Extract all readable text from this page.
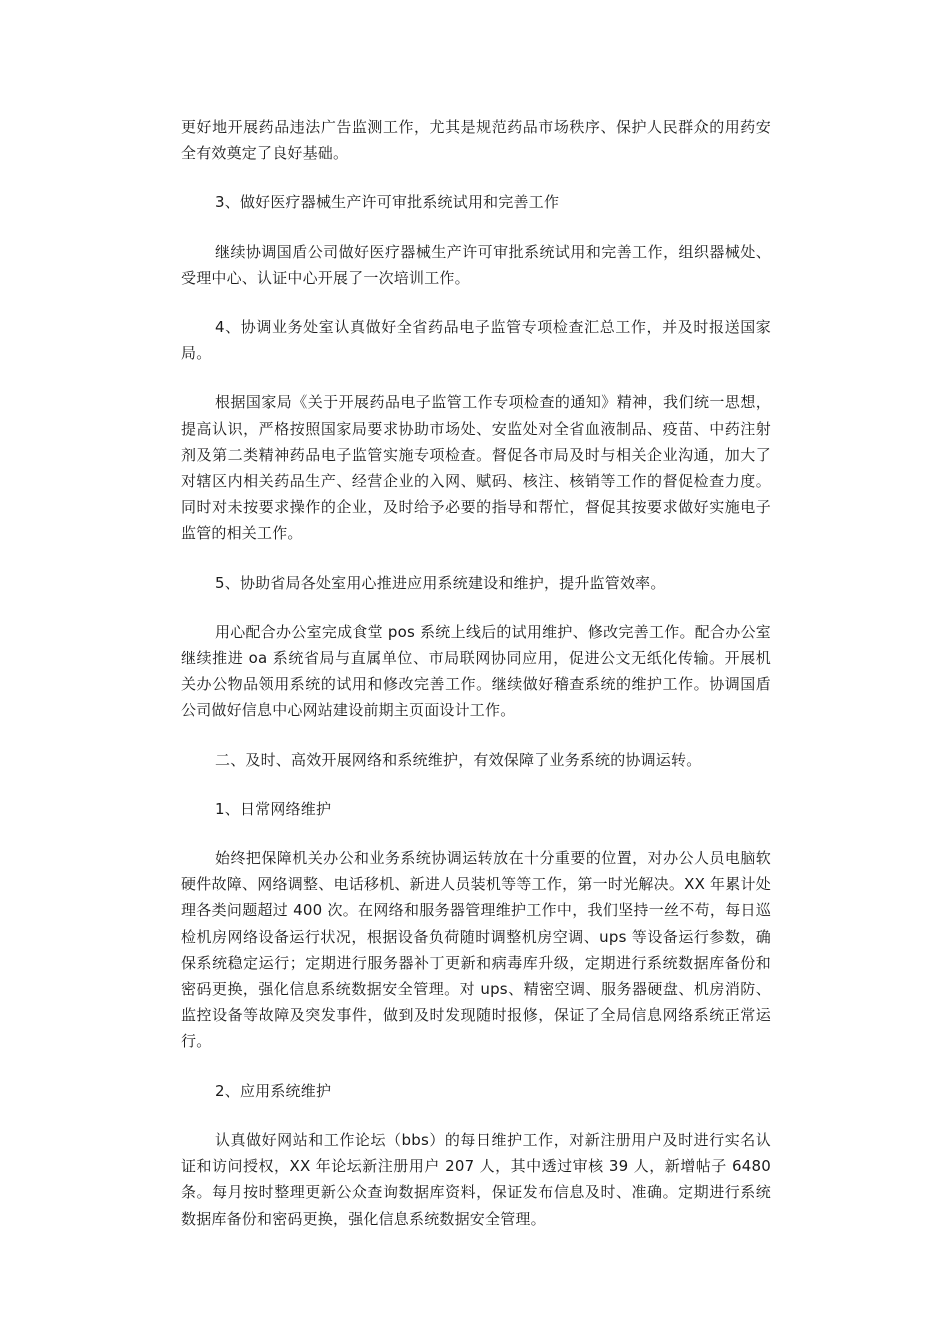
更好地开展药品违法广告监测工作，尤其是规范药品市场秩序、保护人民群众的用药安全有效奠定了良好基础。

3、做好医疗器械生产许可审批系统试用和完善工作

继续协调国盾公司做好医疗器械生产许可审批系统试用和完善工作，组织器械处、受理中心、认证中心开展了一次培训工作。

4、协调业务处室认真做好全省药品电子监管专项检查汇总工作，并及时报送国家局。

根据国家局《关于开展药品电子监管工作专项检查的通知》精神，我们统一思想，提高认识，严格按照国家局要求协助市场处、安监处对全省血液制品、疫苗、中药注射剂及第二类精神药品电子监管实施专项检查。督促各市局及时与相关企业沟通，加大了对辖区内相关药品生产、经营企业的入网、赋码、核注、核销等工作的督促检查力度。同时对未按要求操作的企业，及时给予必要的指导和帮忙，督促其按要求做好实施电子监管的相关工作。

5、协助省局各处室用心推进应用系统建设和维护，提升监管效率。

用心配合办公室完成食堂 pos 系统上线后的试用维护、修改完善工作。配合办公室继续推进 oa 系统省局与直属单位、市局联网协同应用，促进公文无纸化传输。开展机关办公物品领用系统的试用和修改完善工作。继续做好稽查系统的维护工作。协调国盾公司做好信息中心网站建设前期主页面设计工作。

二、及时、高效开展网络和系统维护，有效保障了业务系统的协调运转。

1、日常网络维护

始终把保障机关办公和业务系统协调运转放在十分重要的位置，对办公人员电脑软硬件故障、网络调整、电话移机、新进人员装机等等工作，第一时光解决。XX 年累计处理各类问题超过 400 次。在网络和服务器管理维护工作中，我们坚持一丝不苟，每日巡检机房网络设备运行状况，根据设备负荷随时调整机房空调、ups 等设备运行参数，确保系统稳定运行；定期进行服务器补丁更新和病毒库升级，定期进行系统数据库备份和密码更换，强化信息系统数据安全管理。对 ups、精密空调、服务器硬盘、机房消防、监控设备等故障及突发事件，做到及时发现随时报修，保证了全局信息网络系统正常运行。

2、应用系统维护

认真做好网站和工作论坛（bbs）的每日维护工作，对新注册用户及时进行实名认证和访问授权，XX 年论坛新注册用户 207 人，其中透过审核 39 人，新增帖子 6480 条。每月按时整理更新公众查询数据库资料，保证发布信息及时、准确。定期进行系统数据库备份和密码更换，强化信息系统数据安全管理。
